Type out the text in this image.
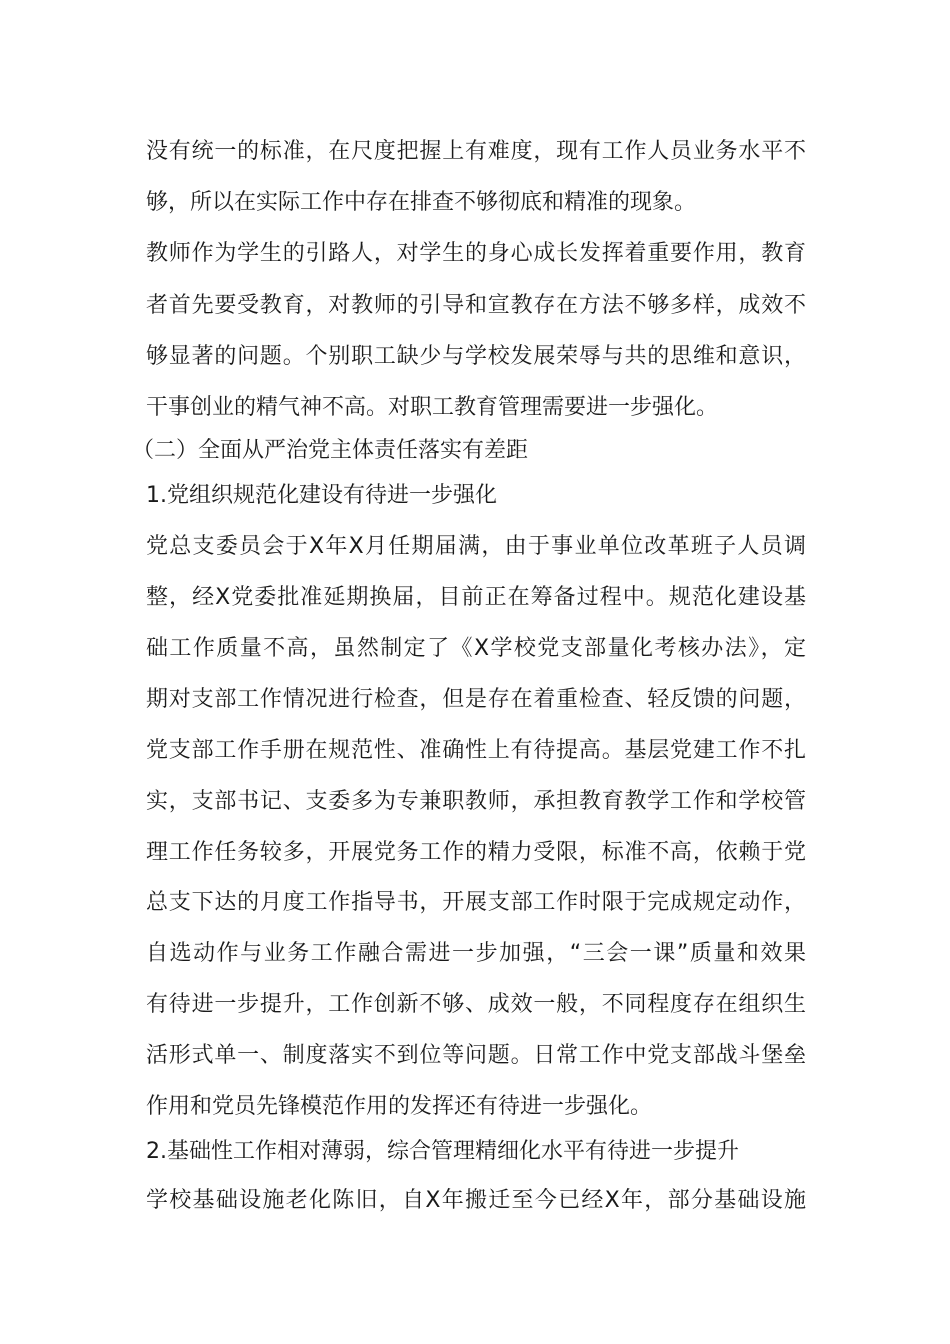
没有统一的标准，在尺度把握上有难度，现有工作人员业务水平不
够，所以在实际工作中存在排查不够彻底和精准的现象。
教师作为学生的引路人，对学生的身心成长发挥着重要作用，教育
者首先要受教育，对教师的引导和宣教存在方法不够多样，成效不
够显著的问题。个别职工缺少与学校发展荣辱与共的思维和意识，
干事创业的精气神不高。对职工教育管理需要进一步强化。
（二）全面从严治党主体责任落实有差距
1.党组织规范化建设有待进一步强化
党总支委员会于X年X月任期届满，由于事业单位改革班子人员调
整，经X党委批准延期换届，目前正在筹备过程中。规范化建设基
础工作质量不高，虽然制定了《X学校党支部量化考核办法》，定
期对支部工作情况进行检查，但是存在着重检查、轻反馈的问题，
党支部工作手册在规范性、准确性上有待提高。基层党建工作不扎
实，支部书记、支委多为专兼职教师，承担教育教学工作和学校管
理工作任务较多，开展党务工作的精力受限，标准不高，依赖于党
总支下达的月度工作指导书，开展支部工作时限于完成规定动作，
自选动作与业务工作融合需进一步加强，“三会一课”质量和效果
有待进一步提升，工作创新不够、成效一般，不同程度存在组织生
活形式单一、制度落实不到位等问题。日常工作中党支部战斗堡垒
作用和党员先锋模范作用的发挥还有待进一步强化。
2.基础性工作相对薄弱，综合管理精细化水平有待进一步提升
学校基础设施老化陈旧，自X年搬迁至今已经X年，部分基础设施
